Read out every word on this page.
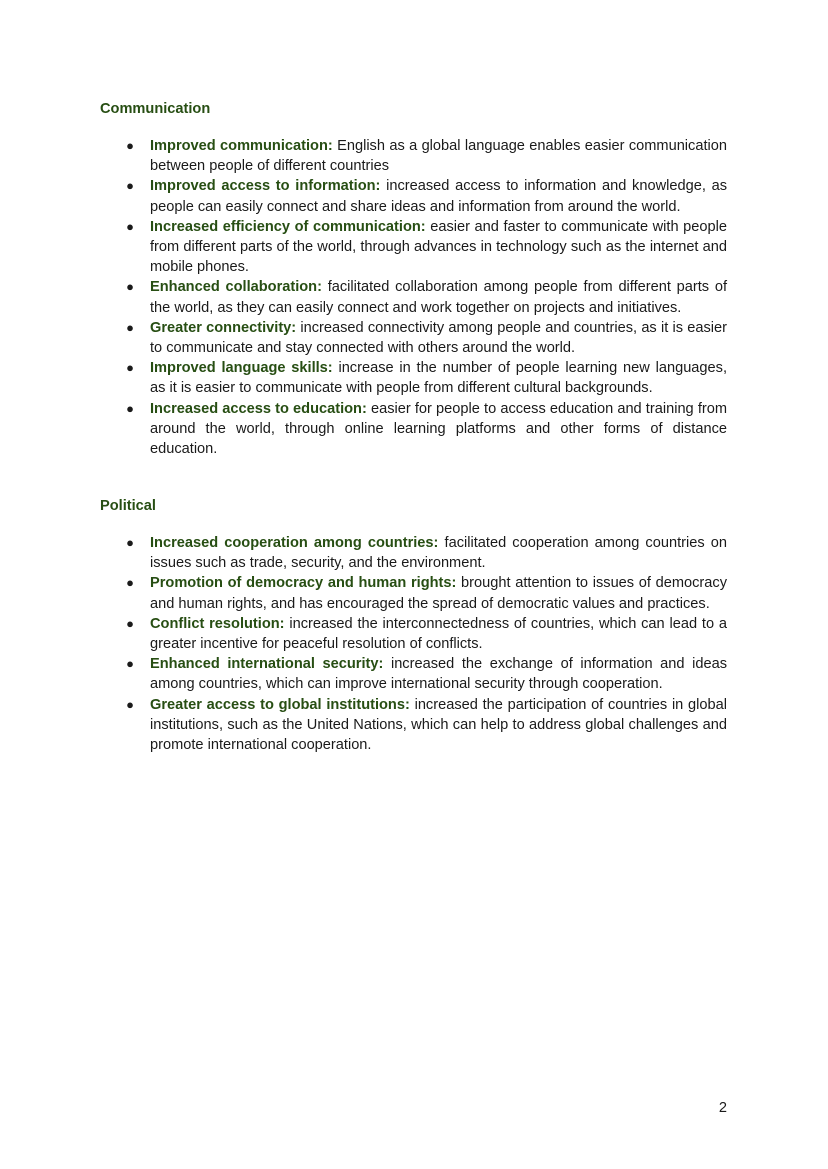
Communication
● Improved communication: English as a global language enables easier communication between people of different countries
● Improved access to information: increased access to information and knowledge, as people can easily connect and share ideas and information from around the world.
● Increased efficiency of communication: easier and faster to communicate with people from different parts of the world, through advances in technology such as the internet and mobile phones.
● Enhanced collaboration: facilitated collaboration among people from different parts of the world, as they can easily connect and work together on projects and initiatives.
● Greater connectivity: increased connectivity among people and countries, as it is easier to communicate and stay connected with others around the world.
● Improved language skills: increase in the number of people learning new languages, as it is easier to communicate with people from different cultural backgrounds.
● Increased access to education: easier for people to access education and training from around the world, through online learning platforms and other forms of distance education.
Political
● Increased cooperation among countries: facilitated cooperation among countries on issues such as trade, security, and the environment.
● Promotion of democracy and human rights: brought attention to issues of democracy and human rights, and has encouraged the spread of democratic values and practices.
● Conflict resolution: increased the interconnectedness of countries, which can lead to a greater incentive for peaceful resolution of conflicts.
● Enhanced international security: increased the exchange of information and ideas among countries, which can improve international security through cooperation.
● Greater access to global institutions: increased the participation of countries in global institutions, such as the United Nations, which can help to address global challenges and promote international cooperation.
2
